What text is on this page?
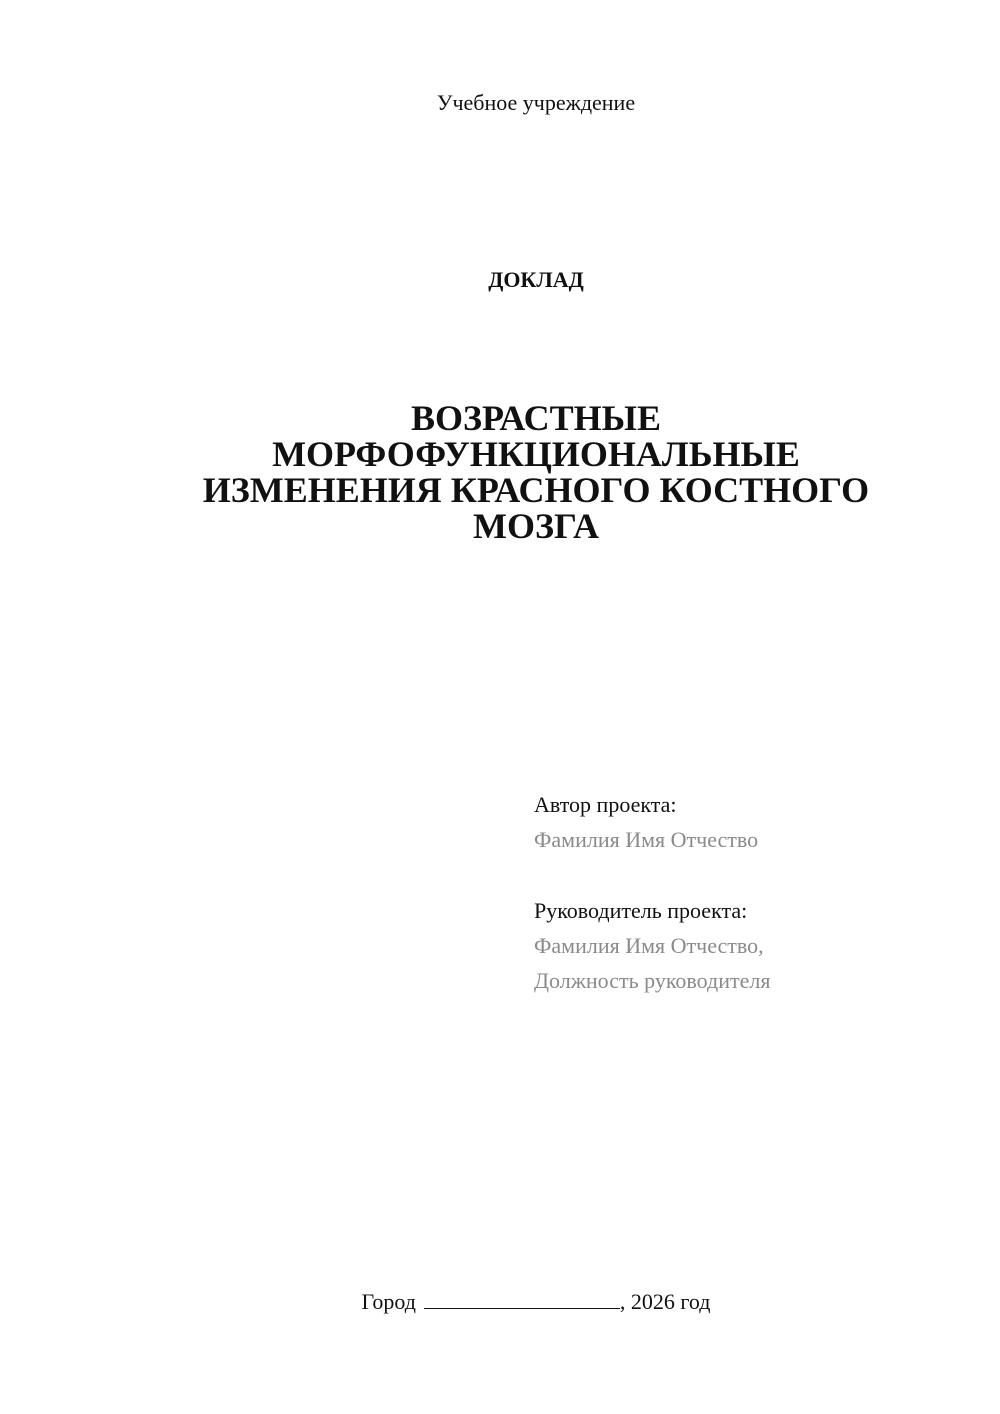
Учебное учреждение
ДОКЛАД
ВОЗРАСТНЫЕ
МОРФОФУНКЦИОНАЛЬНЫЕ
ИЗМЕНЕНИЯ КРАСНОГО КОСТНОГО
МОЗГА
Автор проекта:
Фамилия Имя Отчество
Руководитель проекта:
Фамилия Имя Отчество,
Должность руководителя
Город	, 2026 год
